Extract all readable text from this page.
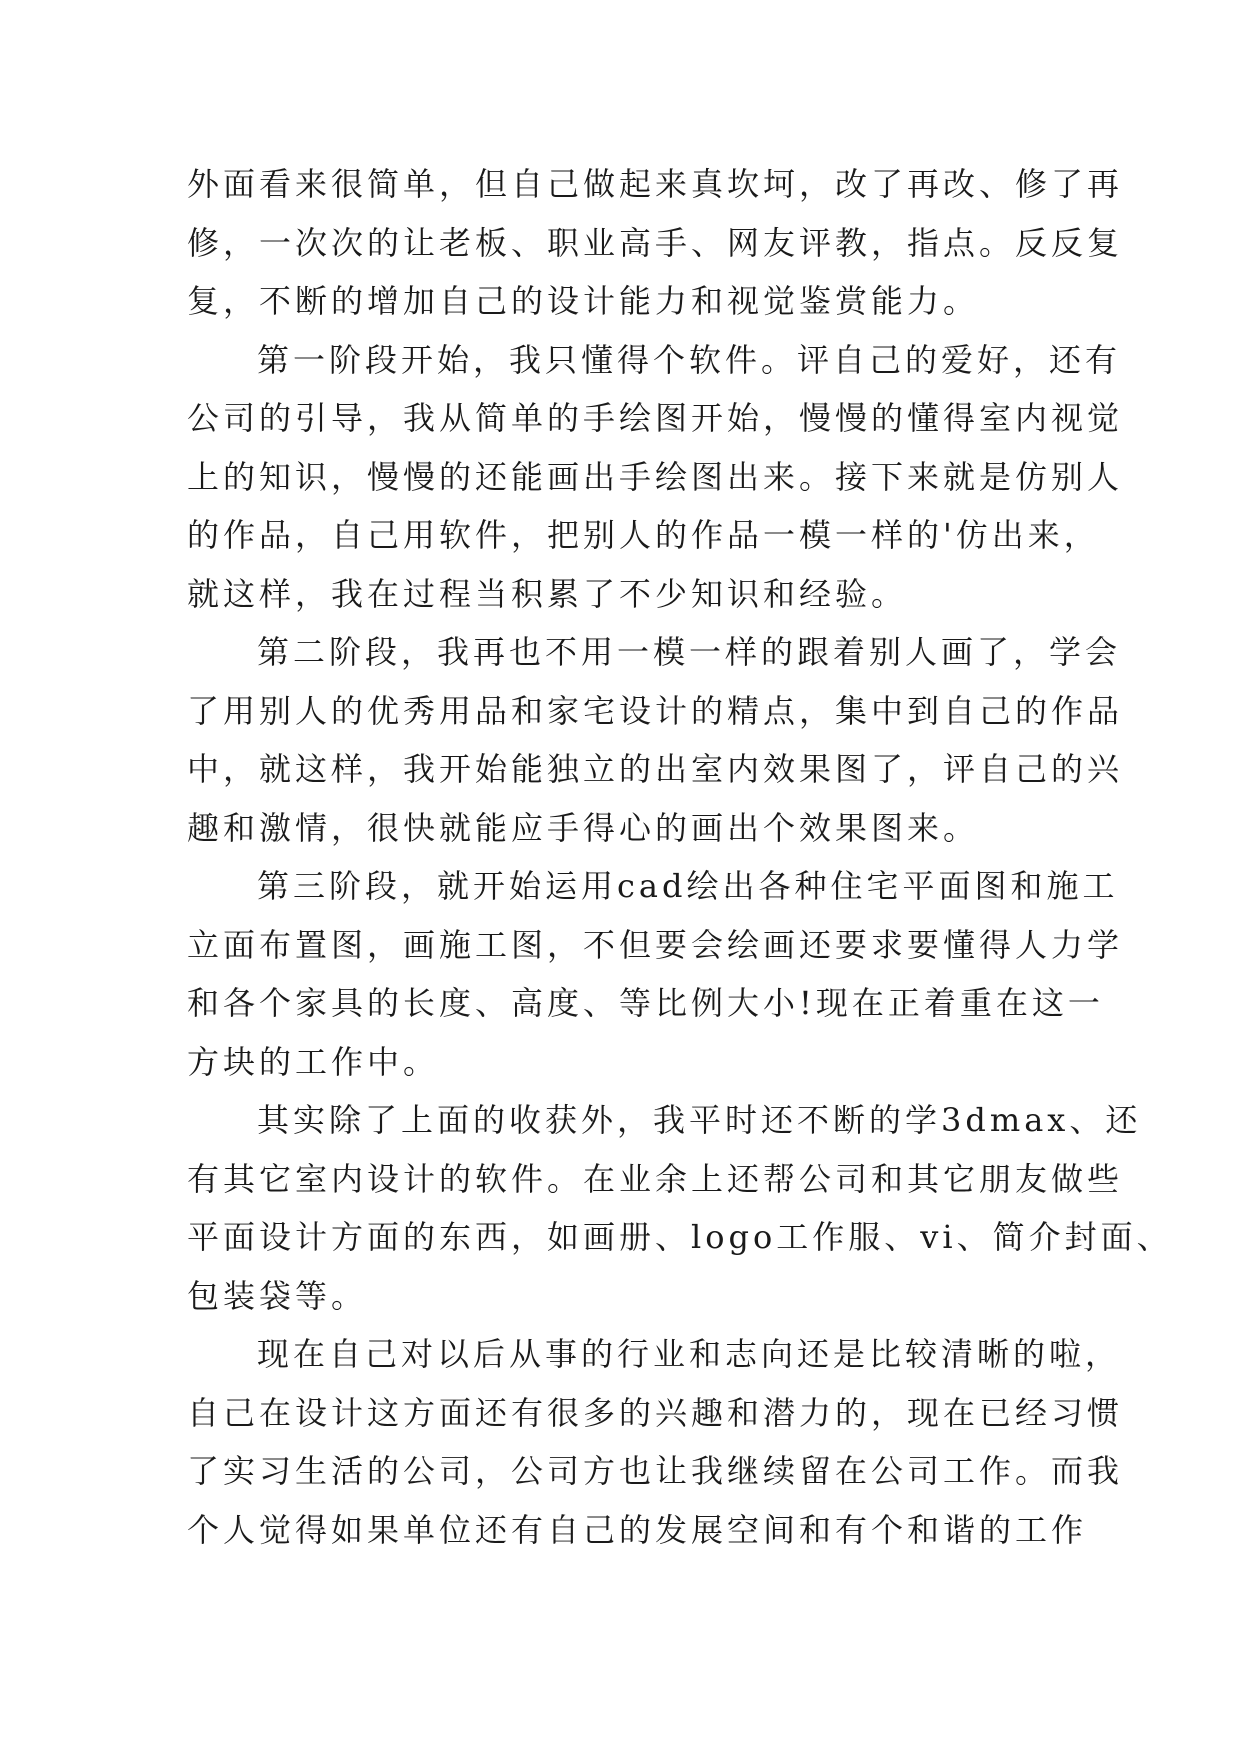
外面看来很简单，但自己做起来真坎坷，改了再改、修了再
修，一次次的让老板、职业高手、网友评教，指点。反反复
复，不断的增加自己的设计能力和视觉鉴赏能力。
第一阶段开始，我只懂得个软件。评自己的爱好，还有
公司的引导，我从简单的手绘图开始，慢慢的懂得室内视觉
上的知识，慢慢的还能画出手绘图出来。接下来就是仿别人
的作品，自己用软件，把别人的作品一模一样的'仿出来，
就这样，我在过程当积累了不少知识和经验。
第二阶段，我再也不用一模一样的跟着别人画了，学会
了用别人的优秀用品和家宅设计的精点，集中到自己的作品
中，就这样，我开始能独立的出室内效果图了，评自己的兴
趣和激情，很快就能应手得心的画出个效果图来。
第三阶段，就开始运用cad绘出各种住宅平面图和施工
立面布置图，画施工图，不但要会绘画还要求要懂得人力学
和各个家具的长度、高度、等比例大小!现在正着重在这一
方块的工作中。
其实除了上面的收获外，我平时还不断的学3dmax、还
有其它室内设计的软件。在业余上还帮公司和其它朋友做些
平面设计方面的东西，如画册、logo工作服、vi、简介封面、
包装袋等。
现在自己对以后从事的行业和志向还是比较清晰的啦，
自己在设计这方面还有很多的兴趣和潜力的，现在已经习惯
了实习生活的公司，公司方也让我继续留在公司工作。而我
个人觉得如果单位还有自己的发展空间和有个和谐的工作
